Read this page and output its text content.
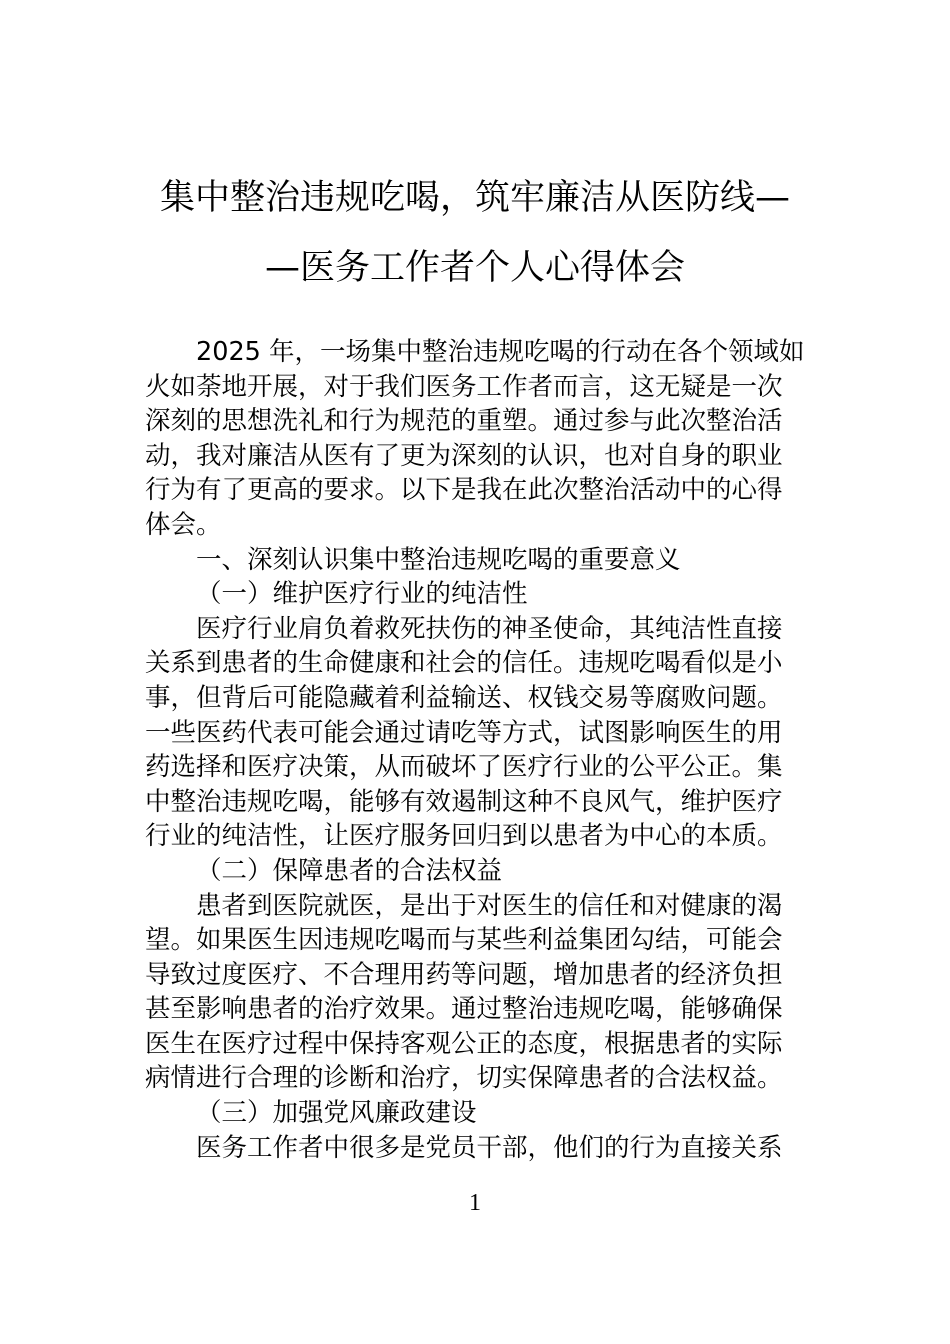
集中整治违规吃喝，筑牢廉洁从医防线—
—医务工作者个人心得体会
2025 年，一场集中整治违规吃喝的行动在各个领域如
火如荼地开展，对于我们医务工作者而言，这无疑是一次
深刻的思想洗礼和行为规范的重塑。通过参与此次整治活
动，我对廉洁从医有了更为深刻的认识，也对自身的职业
行为有了更高的要求。以下是我在此次整治活动中的心得
体会。
一、深刻认识集中整治违规吃喝的重要意义
（一）维护医疗行业的纯洁性
医疗行业肩负着救死扶伤的神圣使命，其纯洁性直接
关系到患者的生命健康和社会的信任。违规吃喝看似是小
事，但背后可能隐藏着利益输送、权钱交易等腐败问题。
一些医药代表可能会通过请吃等方式，试图影响医生的用
药选择和医疗决策，从而破坏了医疗行业的公平公正。集
中整治违规吃喝，能够有效遏制这种不良风气，维护医疗
行业的纯洁性，让医疗服务回归到以患者为中心的本质。
（二）保障患者的合法权益
患者到医院就医，是出于对医生的信任和对健康的渴
望。如果医生因违规吃喝而与某些利益集团勾结，可能会
导致过度医疗、不合理用药等问题，增加患者的经济负担
甚至影响患者的治疗效果。通过整治违规吃喝，能够确保
医生在医疗过程中保持客观公正的态度，根据患者的实际
病情进行合理的诊断和治疗，切实保障患者的合法权益。
（三）加强党风廉政建设
医务工作者中很多是党员干部，他们的行为直接关系
1
